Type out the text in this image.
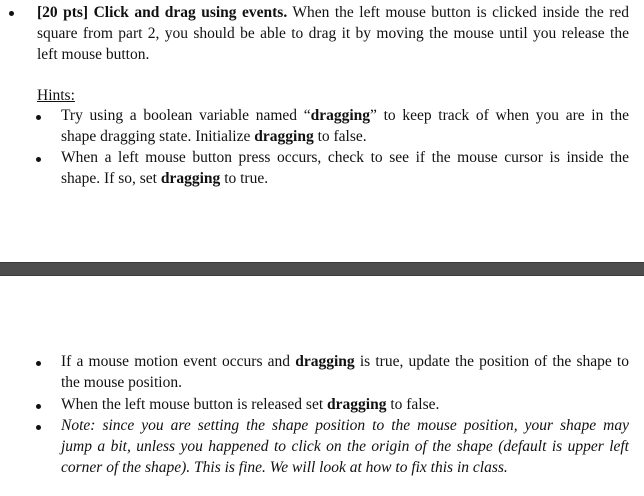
[20 pts] Click and drag using events. When the left mouse button is clicked inside the red
square from part 2, you should be able to drag it by moving the mouse until you release the
left mouse button.
Hints:
Try using a boolean variable named “dragging” to keep track of when you are in the
shape dragging state. Initialize dragging to false.
When a left mouse button press occurs, check to see if the mouse cursor is inside the
shape. If so, set dragging to true.
If a mouse motion event occurs and dragging is true, update the position of the shape to
the mouse position.
When the left mouse button is released set dragging to false.
Note: since you are setting the shape position to the mouse position, your shape may
jump a bit, unless you happened to click on the origin of the shape (default is upper left
corner of the shape). This is fine. We will look at how to fix this in class.
